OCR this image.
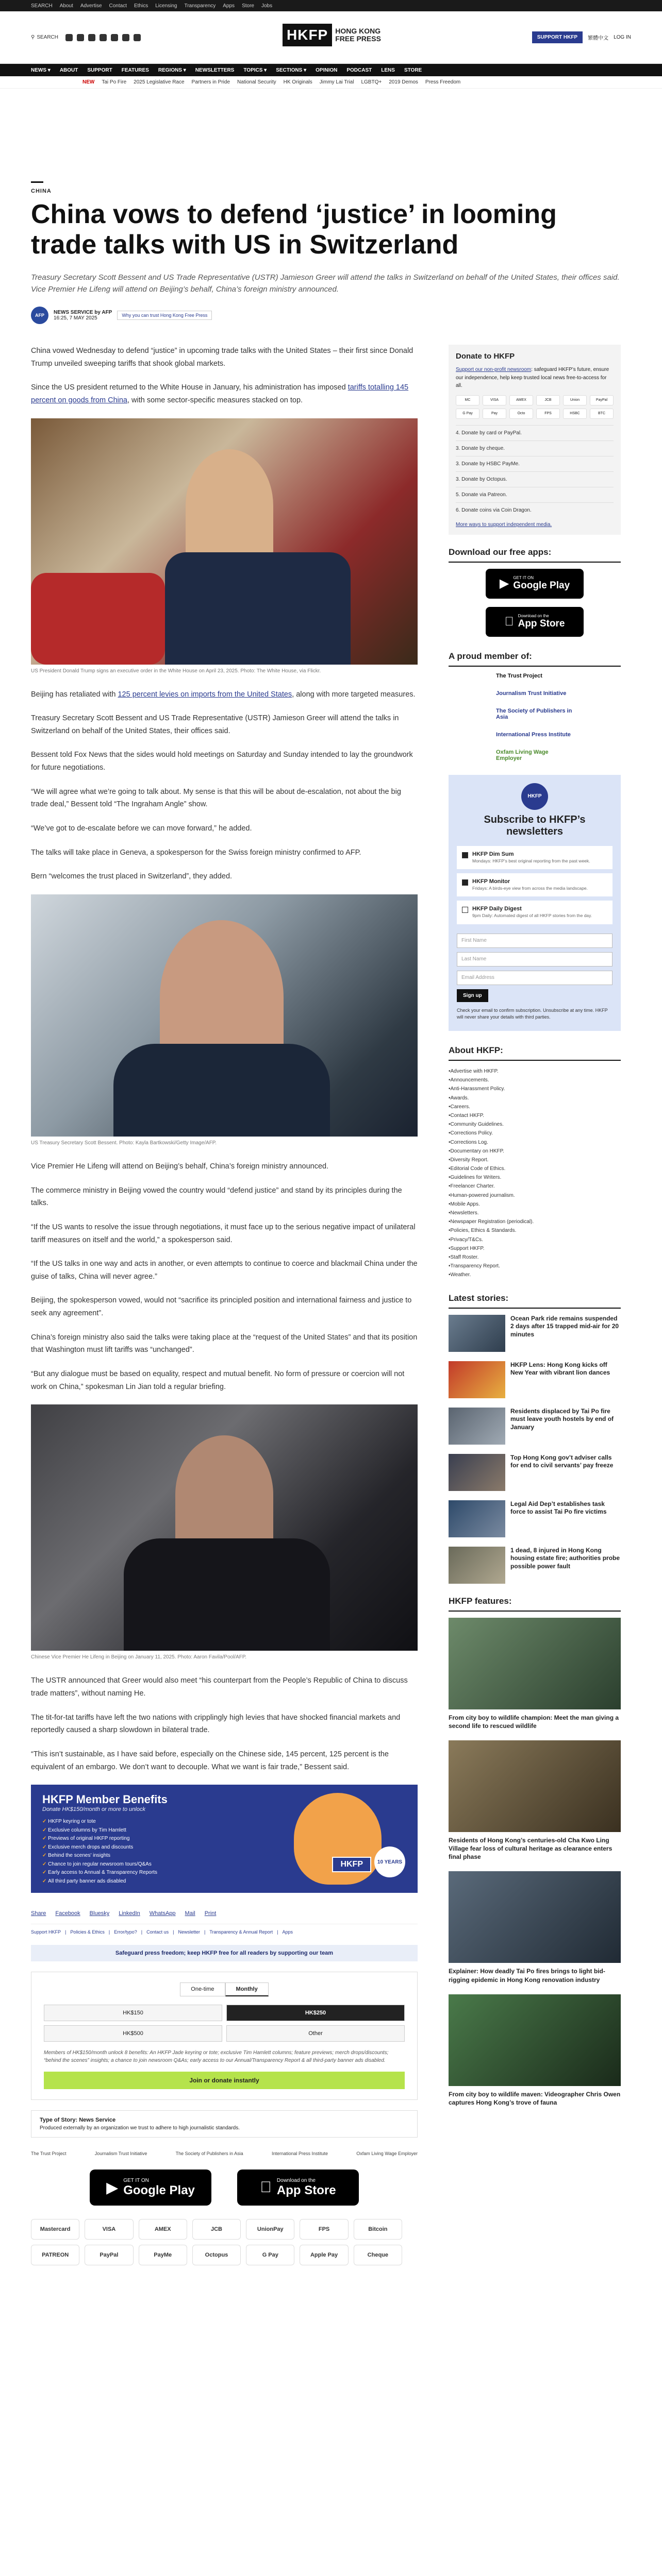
SEARCH About Advertise Contact Ethics Licensing Transparency Apps Store Jobs
⚲ SEARCH	HKFP	HONG KONG
FREE PRESS	SUPPORT HKFP	繁體中文 LOG IN
NEWS ▾ ABOUT SUPPORT FEATURES REGIONS ▾ NEWSLETTERS TOPICS ▾ SECTIONS ▾ OPINION PODCAST LENS STORE
NEW Tai Po Fire 2025 Legislative Race Partners in Pride National Security HK Originals Jimmy Lai Trial LGBTQ+ 2019 Demos Press Freedom
CHINA
China vows to defend ‘justice’ in looming trade talks with US in Switzerland
Treasury Secretary Scott Bessent and US Trade Representative (USTR) Jamieson Greer will attend the talks in Switzerland on behalf of the United States, their offices said. Vice Premier He Lifeng will attend on Beijing’s behalf, China’s foreign ministry announced.
AFP	NEWS SERVICE by AFP
16:25, 7 MAY 2025	Why you can trust Hong Kong Free Press

China vowed Wednesday to defend “justice” in upcoming trade talks with the United States – their first since Donald Trump unveiled sweeping tariffs that shook global markets.

Since the US president returned to the White House in January, his administration has imposed tariffs totalling 145 percent on goods from China, with some sector-specific measures stacked on top.

US President Donald Trump signs an executive order in the White House on April 23, 2025. Photo: The White House, via Flickr.

Beijing has retaliated with 125 percent levies on imports from the United States, along with more targeted measures.

Treasury Secretary Scott Bessent and US Trade Representative (USTR) Jamieson Greer will attend the talks in Switzerland on behalf of the United States, their offices said.

Bessent told Fox News that the sides would hold meetings on Saturday and Sunday intended to lay the groundwork for future negotiations.

“We will agree what we’re going to talk about. My sense is that this will be about de-escalation, not about the big trade deal,” Bessent told “The Ingraham Angle” show.

“We’ve got to de-escalate before we can move forward,” he added.

The talks will take place in Geneva, a spokesperson for the Swiss foreign ministry confirmed to AFP.

Bern “welcomes the trust placed in Switzerland”, they added.

US Treasury Secretary Scott Bessent. Photo: Kayla Bartkowski/Getty Image/AFP.

Vice Premier He Lifeng will attend on Beijing’s behalf, China’s foreign ministry announced.

The commerce ministry in Beijing vowed the country would “defend justice” and stand by its principles during the talks.

“If the US wants to resolve the issue through negotiations, it must face up to the serious negative impact of unilateral tariff measures on itself and the world,” a spokesperson said.

“If the US talks in one way and acts in another, or even attempts to continue to coerce and blackmail China under the guise of talks, China will never agree.”

Beijing, the spokesperson vowed, would not “sacrifice its principled position and international fairness and justice to seek any agreement”.

China’s foreign ministry also said the talks were taking place at the “request of the United States” and that its position that Washington must lift tariffs was “unchanged”.

“But any dialogue must be based on equality, respect and mutual benefit. No form of pressure or coercion will not work on China,” spokesman Lin Jian told a regular briefing.

Chinese Vice Premier He Lifeng in Beijing on January 11, 2025. Photo: Aaron Favila/Pool/AFP.

The USTR announced that Greer would also meet “his counterpart from the People’s Republic of China to discuss trade matters”, without naming He.

The tit-for-tat tariffs have left the two nations with cripplingly high levies that have shocked financial markets and reportedly caused a sharp slowdown in bilateral trade.

“This isn’t sustainable, as I have said before, especially on the Chinese side, 145 percent, 125 percent is the equivalent of an embargo. We don’t want to decouple. What we want is fair trade,” Bessent said.

HKFP Member Benefits
Donate HK$150/month or more to unlock
✓ HKFP keyring or tote
✓ Exclusive columns by Tim Hamlett
✓ Previews of original HKFP reporting
✓ Exclusive merch drops and discounts
✓ Behind the scenes' insights
✓ Chance to join regular newsroom tours/Q&As
✓ Early access to Annual & Transparency Reports
✓ All third party banner ads disabled
HKFP	10 YEARS
Share Facebook Bluesky LinkedIn WhatsApp Mail Print
Support HKFP | Policies & Ethics | Error/typo? | Contact us | Newsletter | Transparency & Annual Report | Apps
Safeguard press freedom; keep HKFP free for all readers by supporting our team
One-time	Monthly
HK$150	HK$250
HK$500	Other
Members of HK$150/month unlock 8 benefits: An HKFP Jade keyring or tote; exclusive Tim Hamlett columns; feature previews; merch drops/discounts; “behind the scenes” insights; a chance to join newsroom Q&As; early access to our Annual/Transparency Report & all third-party banner ads disabled.
Join or donate instantly
Type of Story: News Service
Produced externally by an organization we trust to adhere to high journalistic standards.
The Trust Project	Journalism Trust Initiative	The Society of Publishers in Asia	International Press Institute	Oxfam Living Wage Employer
▶ GET IT ON
Google Play
Download on the
App Store
Mastercard	VISA	AMEX	JCB	UnionPay	FPS	Bitcoin
PATREON	PayPal	PayMe	Octopus	G Pay	Apple Pay	Cheque
Donate to HKFP
Support our non-profit newsroom: safeguard HKFP’s future, ensure our independence, help keep trusted local news free-to-access for all.
MC	VISA	AMEX	JCB	Union	PayPal
G Pay	Pay	Octo	FPS	HSBC	BTC
4. Donate by card or PayPal.
3. Donate by cheque.
3. Donate by HSBC PayMe.
3. Donate by Octopus.
5. Donate via Patreon.
6. Donate coins via Coin Dragon.
More ways to support independent media.
Download our free apps:
▶ GET IT ON
Google Play
Download on the
App Store
A proud member of:
The Trust Project
Journalism Trust Initiative
The Society of Publishers in Asia
International Press Institute
Oxfam Living Wage Employer
HKFP
Subscribe to HKFP’s newsletters
HKFP Dim Sum
Mondays: HKFP’s best original reporting from the past week.
HKFP Monitor
Fridays: A birds-eye view from across the media landscape.
HKFP Daily Digest
9pm Daily: Automated digest of all HKFP stories from the day.
First Name
Last Name
Email Address
Sign up
Check your email to confirm subscription. Unsubscribe at any time. HKFP will never share your details with third parties.
About HKFP:
• Advertise with HKFP.
• Announcements.
• Anti-Harassment Policy.
• Awards.
• Careers.
• Contact HKFP.
• Community Guidelines.
• Corrections Policy.
• Corrections Log.
• Documentary on HKFP.
• Diversity Report.
• Editorial Code of Ethics.
• Guidelines for Writers.
• Freelancer Charter.
• Human-powered journalism.
• Mobile Apps.
• Newsletters.
• Newspaper Registration (periodical).
• Policies, Ethics & Standards.
• Privacy/T&Cs.
• Support HKFP.
• Staff Roster.
• Transparency Report.
• Weather.
Latest stories:
Ocean Park ride remains suspended 2 days after 15 trapped mid-air for 20 minutes
HKFP Lens: Hong Kong kicks off New Year with vibrant lion dances
Residents displaced by Tai Po fire must leave youth hostels by end of January
Top Hong Kong gov’t adviser calls for end to civil servants’ pay freeze
Legal Aid Dep’t establishes task force to assist Tai Po fire victims
1 dead, 8 injured in Hong Kong housing estate fire; authorities probe possible power fault
HKFP features:
From city boy to wildlife champion: Meet the man giving a second life to rescued wildlife
Residents of Hong Kong’s centuries-old Cha Kwo Ling Village fear loss of cultural heritage as clearance enters final phase
Explainer: How deadly Tai Po fires brings to light bid-rigging epidemic in Hong Kong renovation industry
From city boy to wildlife maven: Videographer Chris Owen captures Hong Kong’s trove of fauna
